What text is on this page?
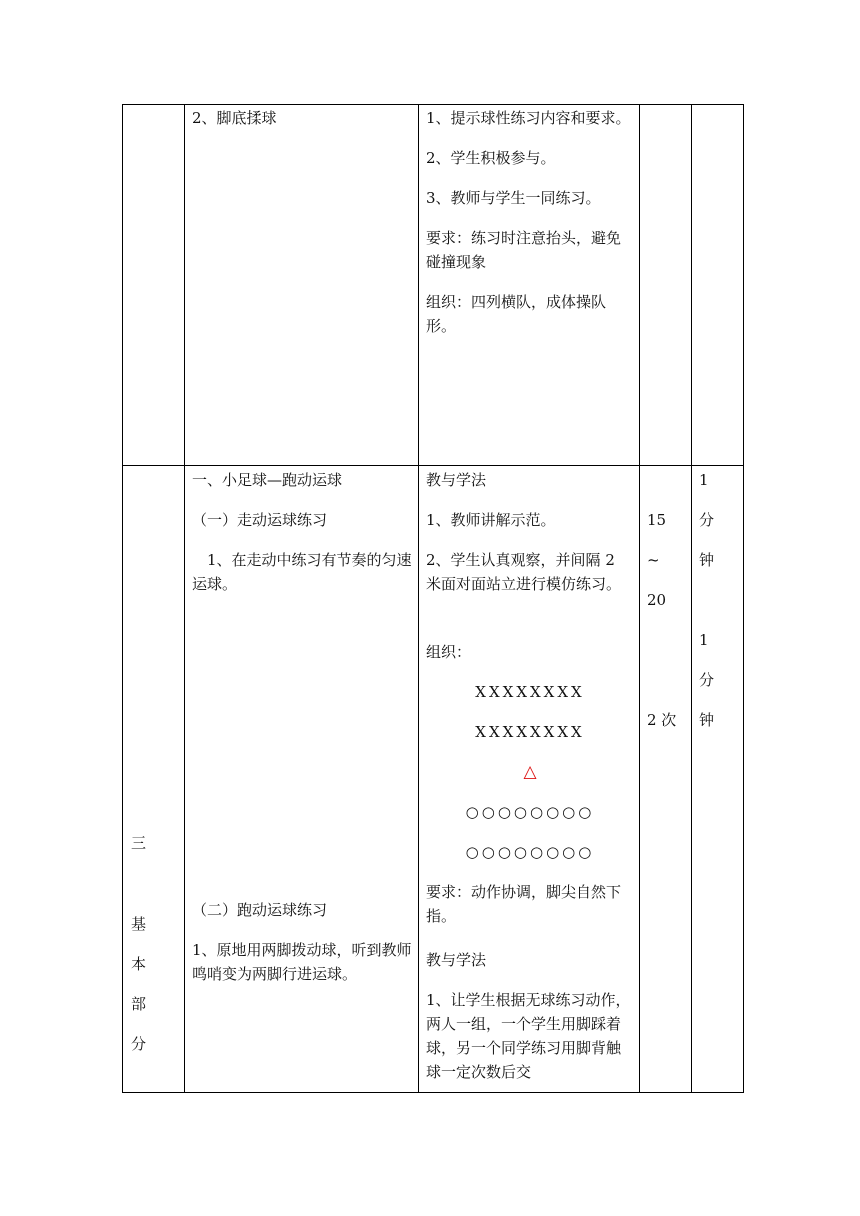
2、脚底揉球	1、提示球性练习内容和要求。

2、学生积极参与。

3、教师与学生一同练习。

要求：练习时注意抬头，避免碰撞现象

组织：四列横队，成体操队形。

三
基
本
部
分
一、小足球—跑动运球
（一）走动运球练习
1、在走动中练习有节奏的匀速运球。
（二）跑动运球练习
1、原地用两脚拨动球，听到教师鸣哨变为两脚行进运球。
教与学法
1、教师讲解示范。
2、学生认真观察，并间隔 2 米面对面站立进行模仿练习。
组织：
XXXXXXXX
XXXXXXXX
△
○○○○○○○○
○○○○○○○○
要求：动作协调，脚尖自然下指。
教与学法
1、让学生根据无球练习动作，两人一组，一个学生用脚踩着球，另一个同学练习用脚背触球一定次数后交
15
~
20
2 次
1
分
钟
1
分
钟
